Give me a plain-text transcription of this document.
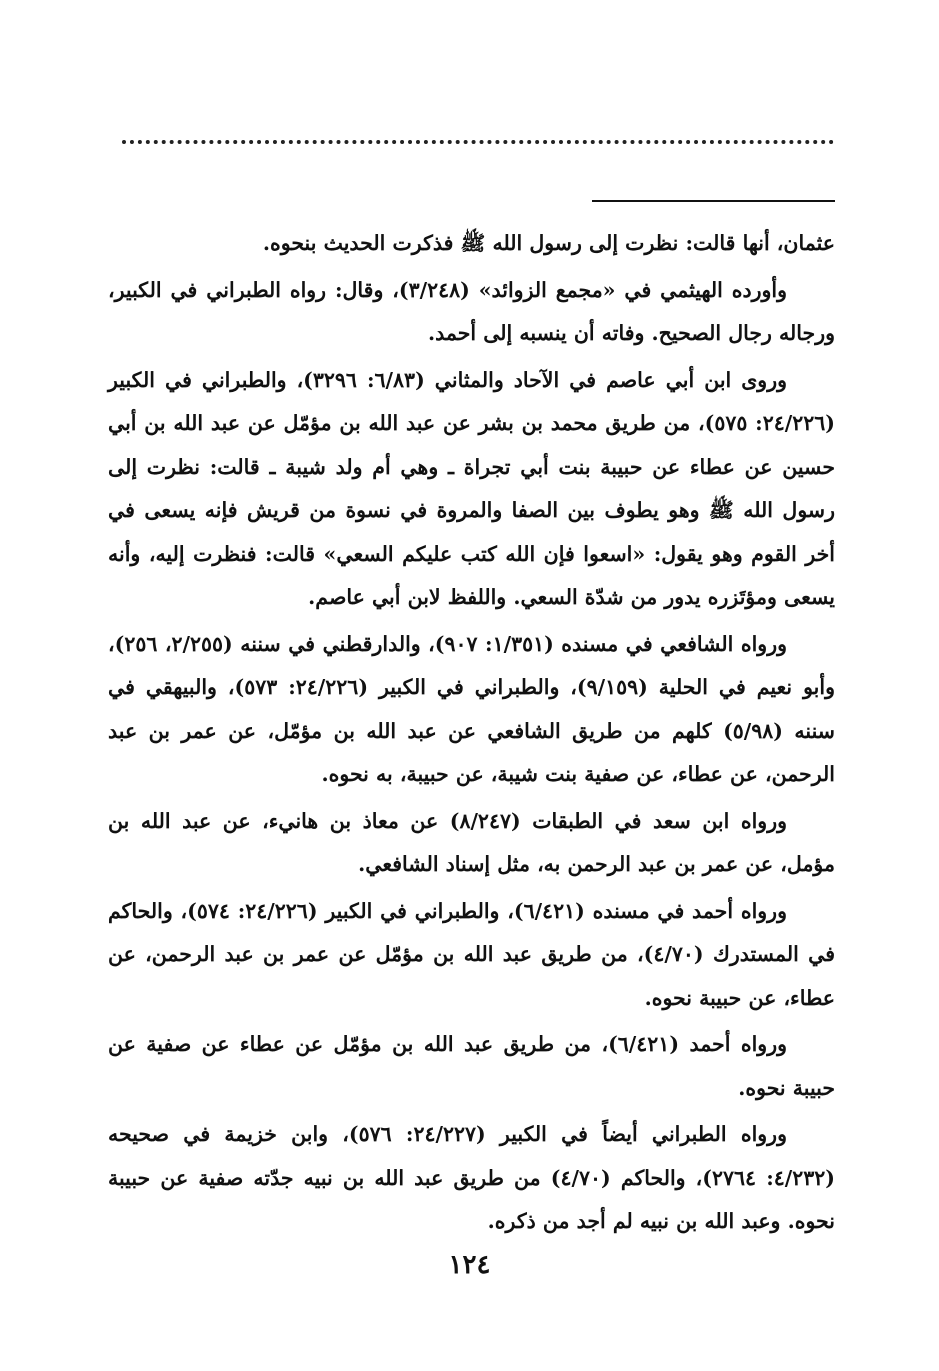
عثمان، أنها قالت: نظرت إلى رسول الله ﷺ فذكرت الحديث بنحوه.

وأورده الهيثمي في «مجمع الزوائد» (٣/٢٤٨)، وقال: رواه الطبراني في الكبير، ورجاله رجال الصحيح. وفاته أن ينسبه إلى أحمد.

وروى ابن أبي عاصم في الآحاد والمثاني (٦/٨٣: ٣٢٩٦)، والطبراني في الكبير (٢٤/٢٢٦: ٥٧٥)، من طريق محمد بن بشر عن عبد الله بن مؤمّل عن عبد الله بن أبي حسين عن عطاء عن حبيبة بنت أبي تجراة ـ وهي أم ولد شيبة ـ قالت: نظرت إلى رسول الله ﷺ وهو يطوف بين الصفا والمروة في نسوة من قريش فإنه يسعى في أخر القوم وهو يقول: «اسعوا فإن الله كتب عليكم السعي» قالت: فنظرت إليه، وأنه يسعى ومؤتَزره يدور من شدّة السعي. واللفظ لابن أبي عاصم.

ورواه الشافعي في مسنده (١/٣٥١: ٩٠٧)، والدارقطني في سننه (٢/٢٥٥، ٢٥٦)، وأبو نعيم في الحلية (٩/١٥٩)، والطبراني في الكبير (٢٤/٢٢٦: ٥٧٣)، والبيهقي في سننه (٥/٩٨) كلهم من طريق الشافعي عن عبد الله بن مؤمّل، عن عمر بن عبد الرحمن، عن عطاء، عن صفية بنت شيبة، عن حبيبة، به نحوه.

ورواه ابن سعد في الطبقات (٨/٢٤٧) عن معاذ بن هانيء، عن عبد الله بن مؤمل، عن عمر بن عبد الرحمن به، مثل إسناد الشافعي.

ورواه أحمد في مسنده (٦/٤٢١)، والطبراني في الكبير (٢٤/٢٢٦: ٥٧٤)، والحاكم في المستدرك (٤/٧٠)، من طريق عبد الله بن مؤمّل عن عمر بن عبد الرحمن، عن عطاء، عن حبيبة نحوه.

ورواه أحمد (٦/٤٢١)، من طريق عبد الله بن مؤمّل عن عطاء عن صفية عن حبيبة نحوه.

ورواه الطبراني أيضاً في الكبير (٢٤/٢٢٧: ٥٧٦)، وابن خزيمة في صحيحه (٤/٢٣٢: ٢٧٦٤)، والحاكم (٤/٧٠) من طريق عبد الله بن نبيه جدّته صفية عن حبيبة نحوه. وعبد الله بن نبيه لم أجد من ذكره.

١٢٤
